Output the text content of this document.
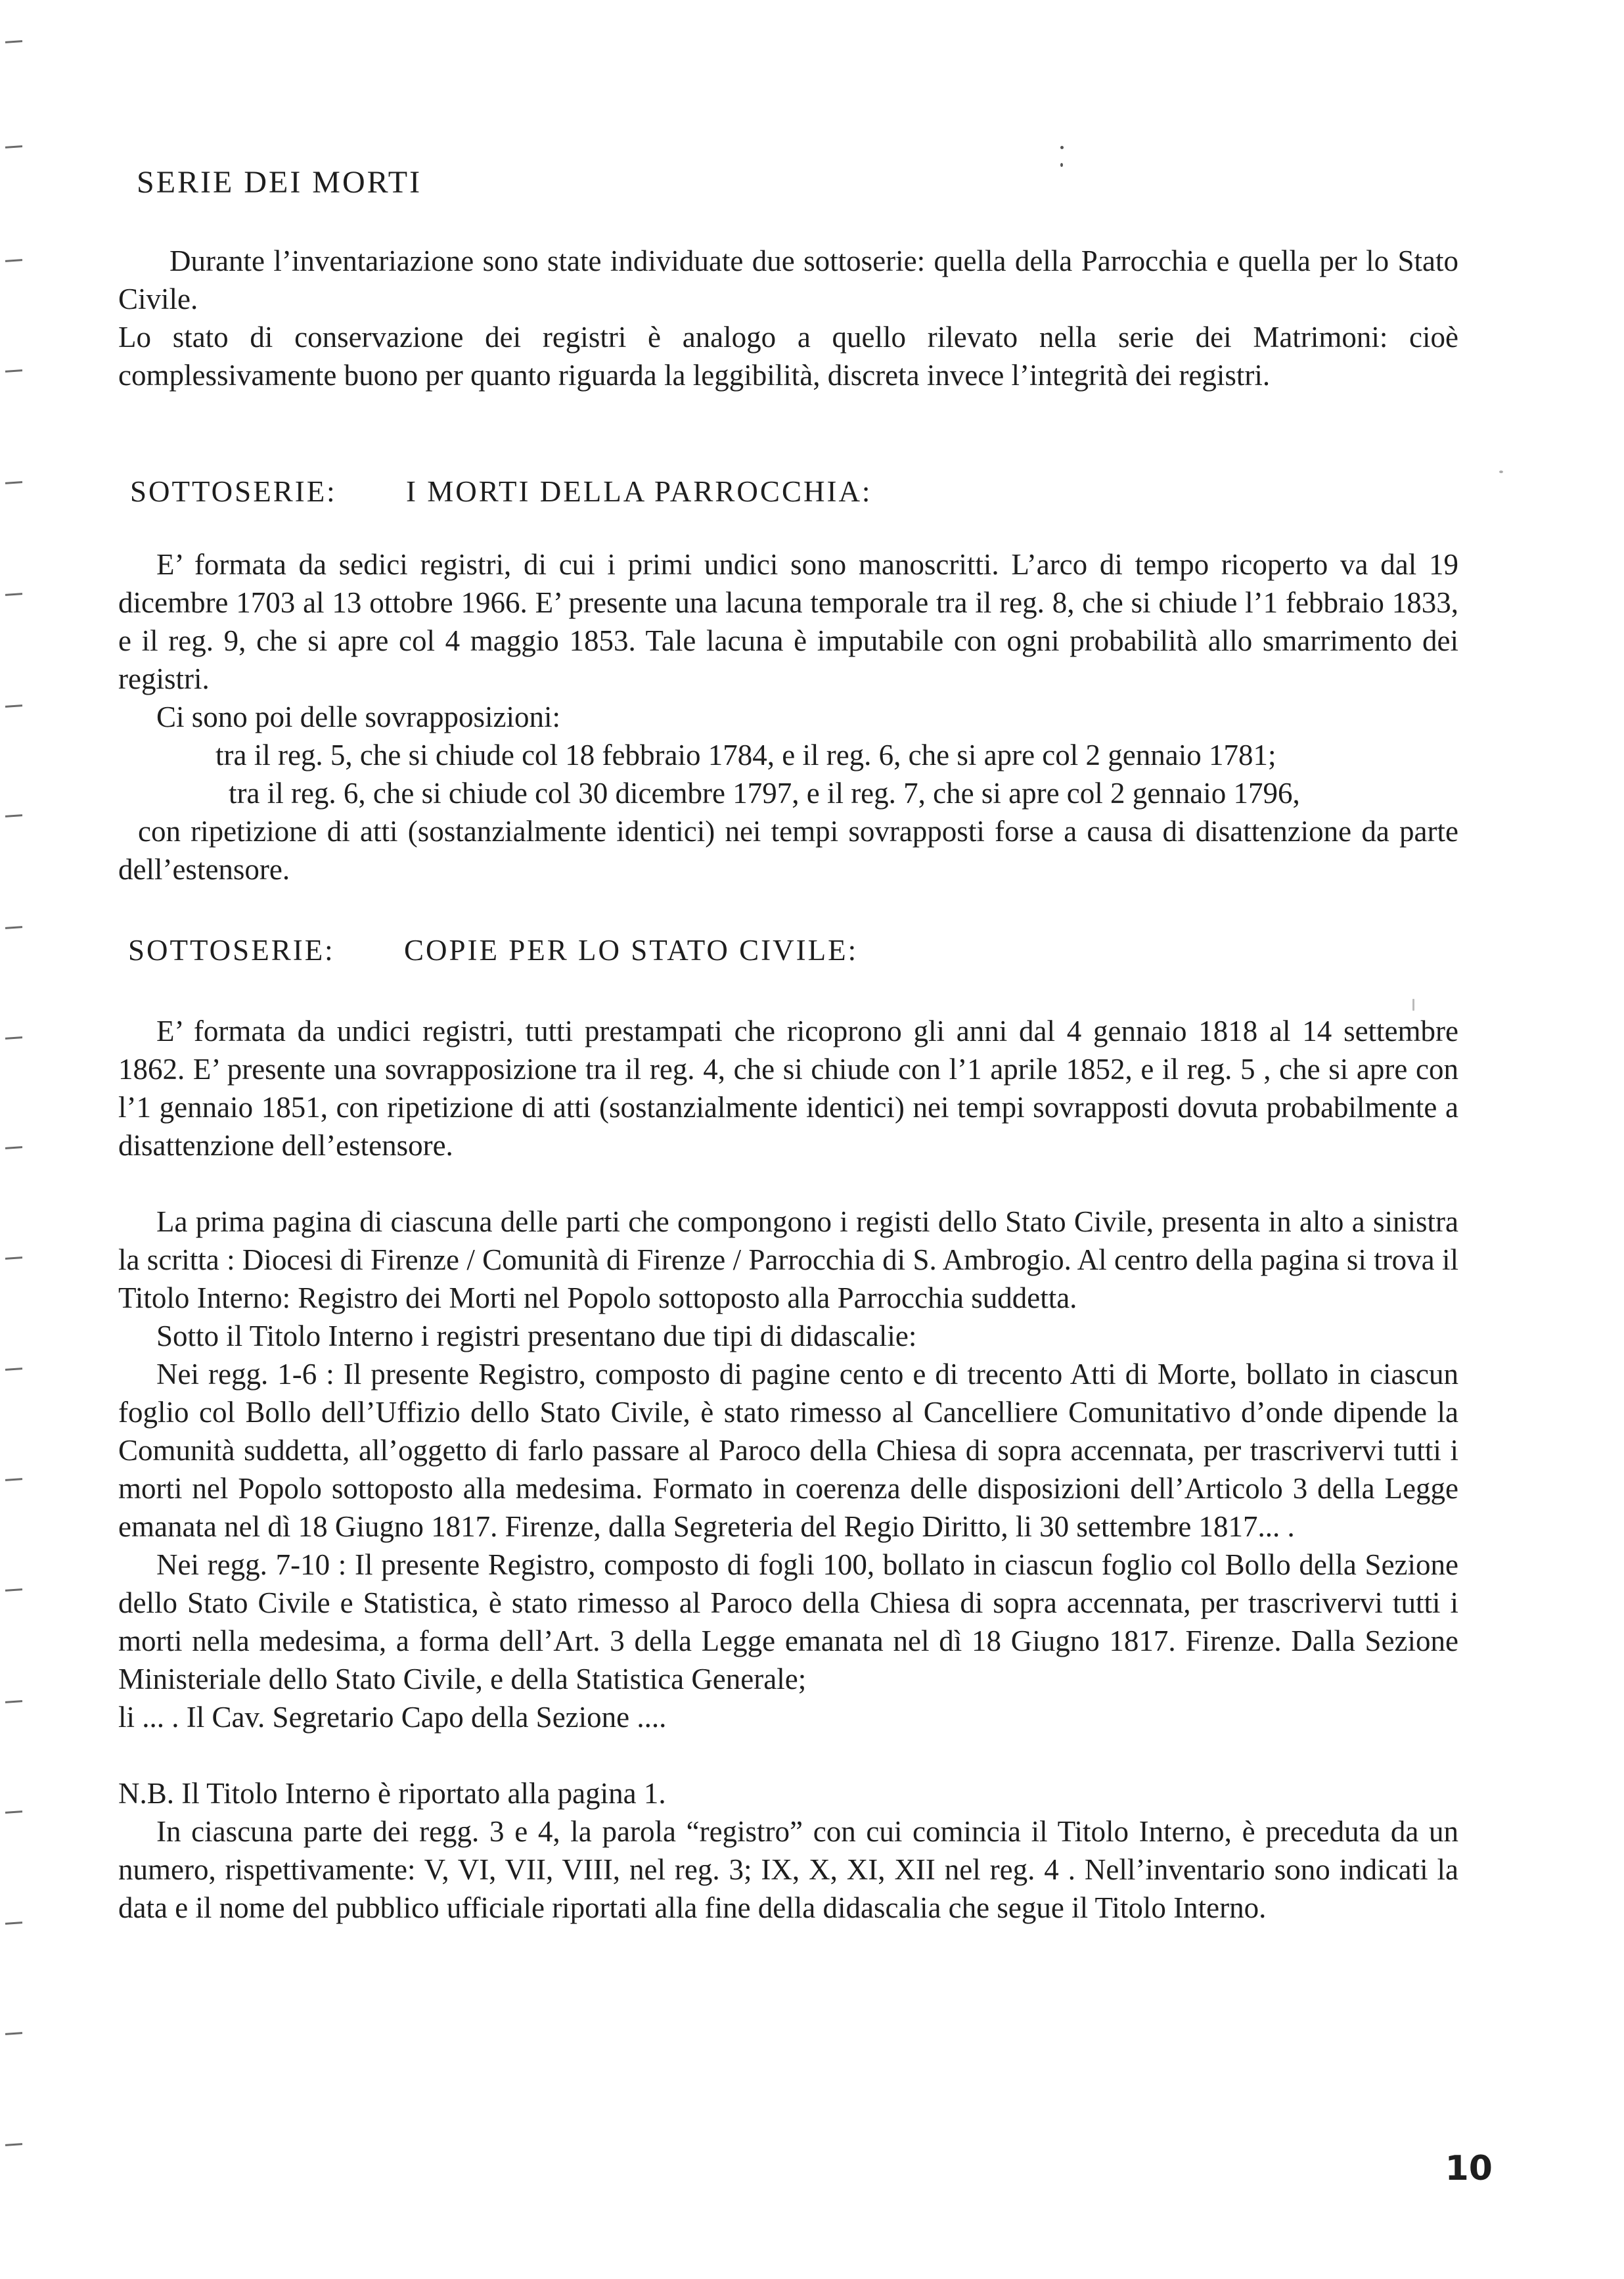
SERIE DEI MORTI

Durante l’inventariazione sono state individuate due sottoserie: quella della Parrocchia e quella per lo Stato Civile.

Lo stato di conservazione dei registri è analogo a quello rilevato nella serie dei Matrimoni: cioè complessivamente buono per quanto riguarda la leggibilità, discreta invece l’integrità dei registri.

SOTTOSERIE: I MORTI DELLA PARROCCHIA:

E’ formata da sedici registri, di cui i primi undici sono manoscritti. L’arco di tempo ricoperto va dal 19 dicembre 1703 al 13 ottobre 1966. E’ presente una lacuna temporale tra il reg. 8, che si chiude l’1 febbraio 1833, e il reg. 9, che si apre col 4 maggio 1853. Tale lacuna è imputabile con ogni probabilità allo smarrimento dei registri.

Ci sono poi delle sovrapposizioni:

tra il reg. 5, che si chiude col 18 febbraio 1784, e il reg. 6, che si apre col 2 gennaio 1781;

tra il reg. 6, che si chiude col 30 dicembre 1797, e il reg. 7, che si apre col 2 gennaio 1796,

con ripetizione di atti (sostanzialmente identici) nei tempi sovrapposti forse a causa di disattenzione da parte dell’estensore.

SOTTOSERIE: COPIE PER LO STATO CIVILE:

E’ formata da undici registri, tutti prestampati che ricoprono gli anni dal 4 gennaio 1818 al 14 settembre 1862. E’ presente una sovrapposizione tra il reg. 4, che si chiude con l’1 aprile 1852, e il reg. 5 , che si apre con l’1 gennaio 1851, con ripetizione di atti (sostanzialmente identici) nei tempi sovrapposti dovuta probabilmente a disattenzione dell’estensore.

La prima pagina di ciascuna delle parti che compongono i registi dello Stato Civile, presenta in alto a sinistra la scritta : Diocesi di Firenze / Comunità di Firenze / Parrocchia di S. Ambrogio. Al centro della pagina si trova il Titolo Interno: Registro dei Morti nel Popolo sottoposto alla Parrocchia suddetta.

Sotto il Titolo Interno i registri presentano due tipi di didascalie:

Nei regg. 1-6 : Il presente Registro, composto di pagine cento e di trecento Atti di Morte, bollato in ciascun foglio col Bollo dell’Uffizio dello Stato Civile, è stato rimesso al Cancelliere Comunitativo d’onde dipende la Comunità suddetta, all’oggetto di farlo passare al Paroco della Chiesa di sopra accennata, per trascrivervi tutti i morti nel Popolo sottoposto alla medesima. Formato in coerenza delle disposizioni dell’Articolo 3 della Legge emanata nel dì 18 Giugno 1817. Firenze, dalla Segreteria del Regio Diritto, li 30 settembre 1817... .

Nei regg. 7-10 : Il presente Registro, composto di fogli 100, bollato in ciascun foglio col Bollo della Sezione dello Stato Civile e Statistica, è stato rimesso al Paroco della Chiesa di sopra accennata, per trascrivervi tutti i morti nella medesima, a forma dell’Art. 3 della Legge emanata nel dì 18 Giugno 1817. Firenze. Dalla Sezione Ministeriale dello Stato Civile, e della Statistica Generale;

li ... . Il Cav. Segretario Capo della Sezione ....

N.B. Il Titolo Interno è riportato alla pagina 1.

In ciascuna parte dei regg. 3 e 4, la parola “registro” con cui comincia il Titolo Interno, è preceduta da un numero, rispettivamente: V, VI, VII, VIII, nel reg. 3; IX, X, XI, XII nel reg. 4 . Nell’inventario sono indicati la data e il nome del pubblico ufficiale riportati alla fine della didascalia che segue il Titolo Interno.

10
